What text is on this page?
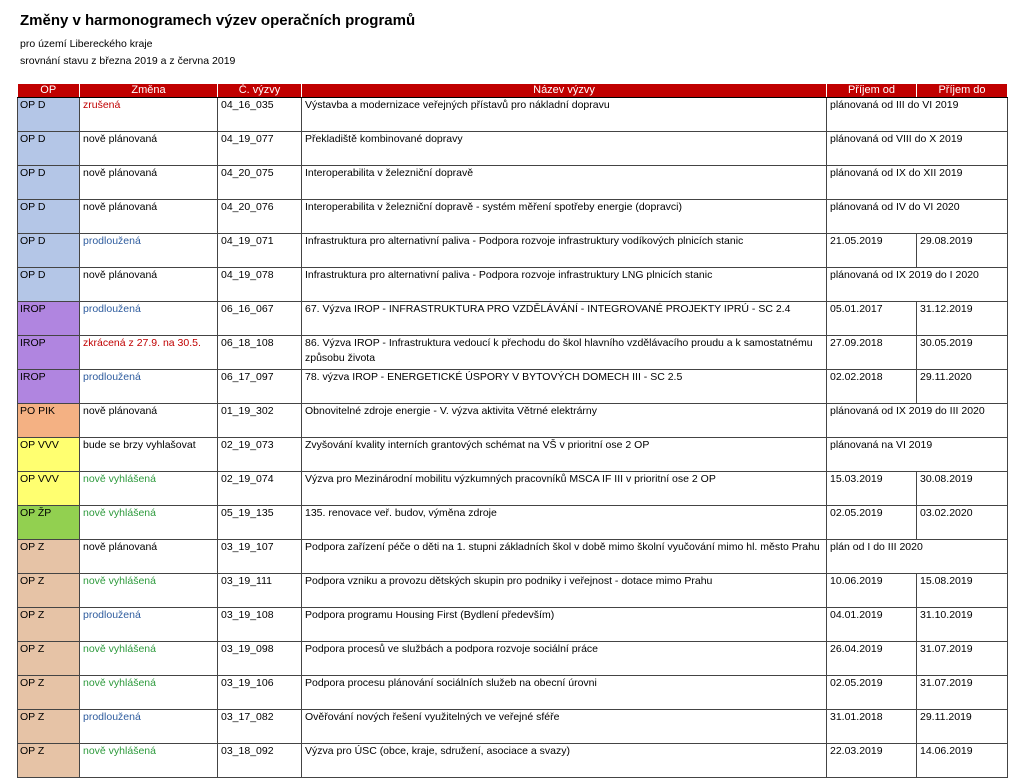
Změny v harmonogramech výzev operačních programů
pro území Libereckého kraje
srovnání stavu z března 2019 a z června 2019
OP	Změna	Č. výzvy	Název výzvy	Příjem od	Příjem do
OP D	zrušená	04_16_035	Výstavba a modernizace veřejných přístavů pro nákladní dopravu	plánovaná od III do VI 2019	
OP D	nově plánovaná	04_19_077	Překladiště kombinované dopravy	plánovaná od VIII do X 2019	
OP D	nově plánovaná	04_20_075	Interoperabilita v železniční dopravě	plánovaná od IX do XII 2019	
OP D	nově plánovaná	04_20_076	Interoperabilita v železniční dopravě - systém měření spotřeby energie (dopravci)	plánovaná od IV do VI 2020	
OP D	prodloužená	04_19_071	Infrastruktura pro alternativní paliva - Podpora rozvoje infrastruktury vodíkových plnicích stanic	21.05.2019	29.08.2019
OP D	nově plánovaná	04_19_078	Infrastruktura pro alternativní paliva - Podpora rozvoje infrastruktury LNG plnicích stanic	plánovaná od IX 2019 do I 2020	
IROP	prodloužená	06_16_067	67. Výzva IROP - INFRASTRUKTURA PRO VZDĚLÁVÁNÍ - INTEGROVANÉ PROJEKTY IPRÚ - SC 2.4	05.01.2017	31.12.2019
IROP	zkrácená z 27.9. na 30.5.	06_18_108	86. Výzva IROP - Infrastruktura vedoucí k přechodu do škol hlavního vzdělávacího proudu a k samostatnému způsobu života	27.09.2018	30.05.2019
IROP	prodloužená	06_17_097	78. výzva IROP - ENERGETICKÉ ÚSPORY V BYTOVÝCH DOMECH III - SC 2.5	02.02.2018	29.11.2020
PO PIK	nově plánovaná	01_19_302	Obnovitelné zdroje energie - V. výzva aktivita Větrné elektrárny	plánovaná od IX 2019 do III 2020	
OP VVV	bude se brzy vyhlašovat	02_19_073	Zvyšování kvality interních grantových schémat na VŠ v prioritní ose 2 OP	plánovaná na VI 2019	
OP VVV	nově vyhlášená	02_19_074	Výzva pro Mezinárodní mobilitu výzkumných pracovníků MSCA IF III v prioritní ose 2 OP	15.03.2019	30.08.2019
OP ŽP	nově vyhlášená	05_19_135	135. renovace veř. budov, výměna zdroje	02.05.2019	03.02.2020
OP Z	nově plánovaná	03_19_107	Podpora zařízení péče o děti na 1. stupni základních škol v době mimo školní vyučování mimo hl. město Prahu	plán od I do III 2020	
OP Z	nově vyhlášená	03_19_111	Podpora vzniku a provozu dětských skupin pro podniky i veřejnost - dotace mimo Prahu	10.06.2019	15.08.2019
OP Z	prodloužená	03_19_108	Podpora programu Housing First (Bydlení především)	04.01.2019	31.10.2019
OP Z	nově vyhlášená	03_19_098	Podpora procesů ve službách a podpora rozvoje sociální práce	26.04.2019	31.07.2019
OP Z	nově vyhlášená	03_19_106	Podpora procesu plánování sociálních služeb na obecní úrovni	02.05.2019	31.07.2019
OP Z	prodloužená	03_17_082	Ověřování nových řešení využitelných ve veřejné sféře	31.01.2018	29.11.2019
OP Z	nově vyhlášená	03_18_092	Výzva pro ÚSC (obce, kraje, sdružení, asociace a svazy)	22.03.2019	14.06.2019
